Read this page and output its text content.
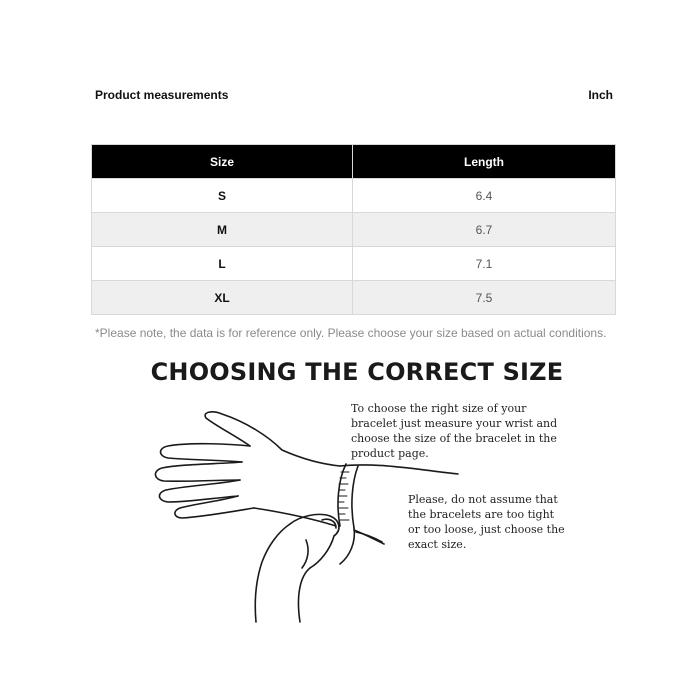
Product measurements	Inch
Size	Length
S	6.4
M	6.7
L	7.1
XL	7.5
*Please note, the data is for reference only. Please choose your size based on actual conditions.
CHOOSING THE CORRECT SIZE
To choose the right size of your bracelet just measure your wrist and choose the size of the bracelet in the product page.
Please, do not assume that the bracelets are too tight or too loose, just choose the exact size.
